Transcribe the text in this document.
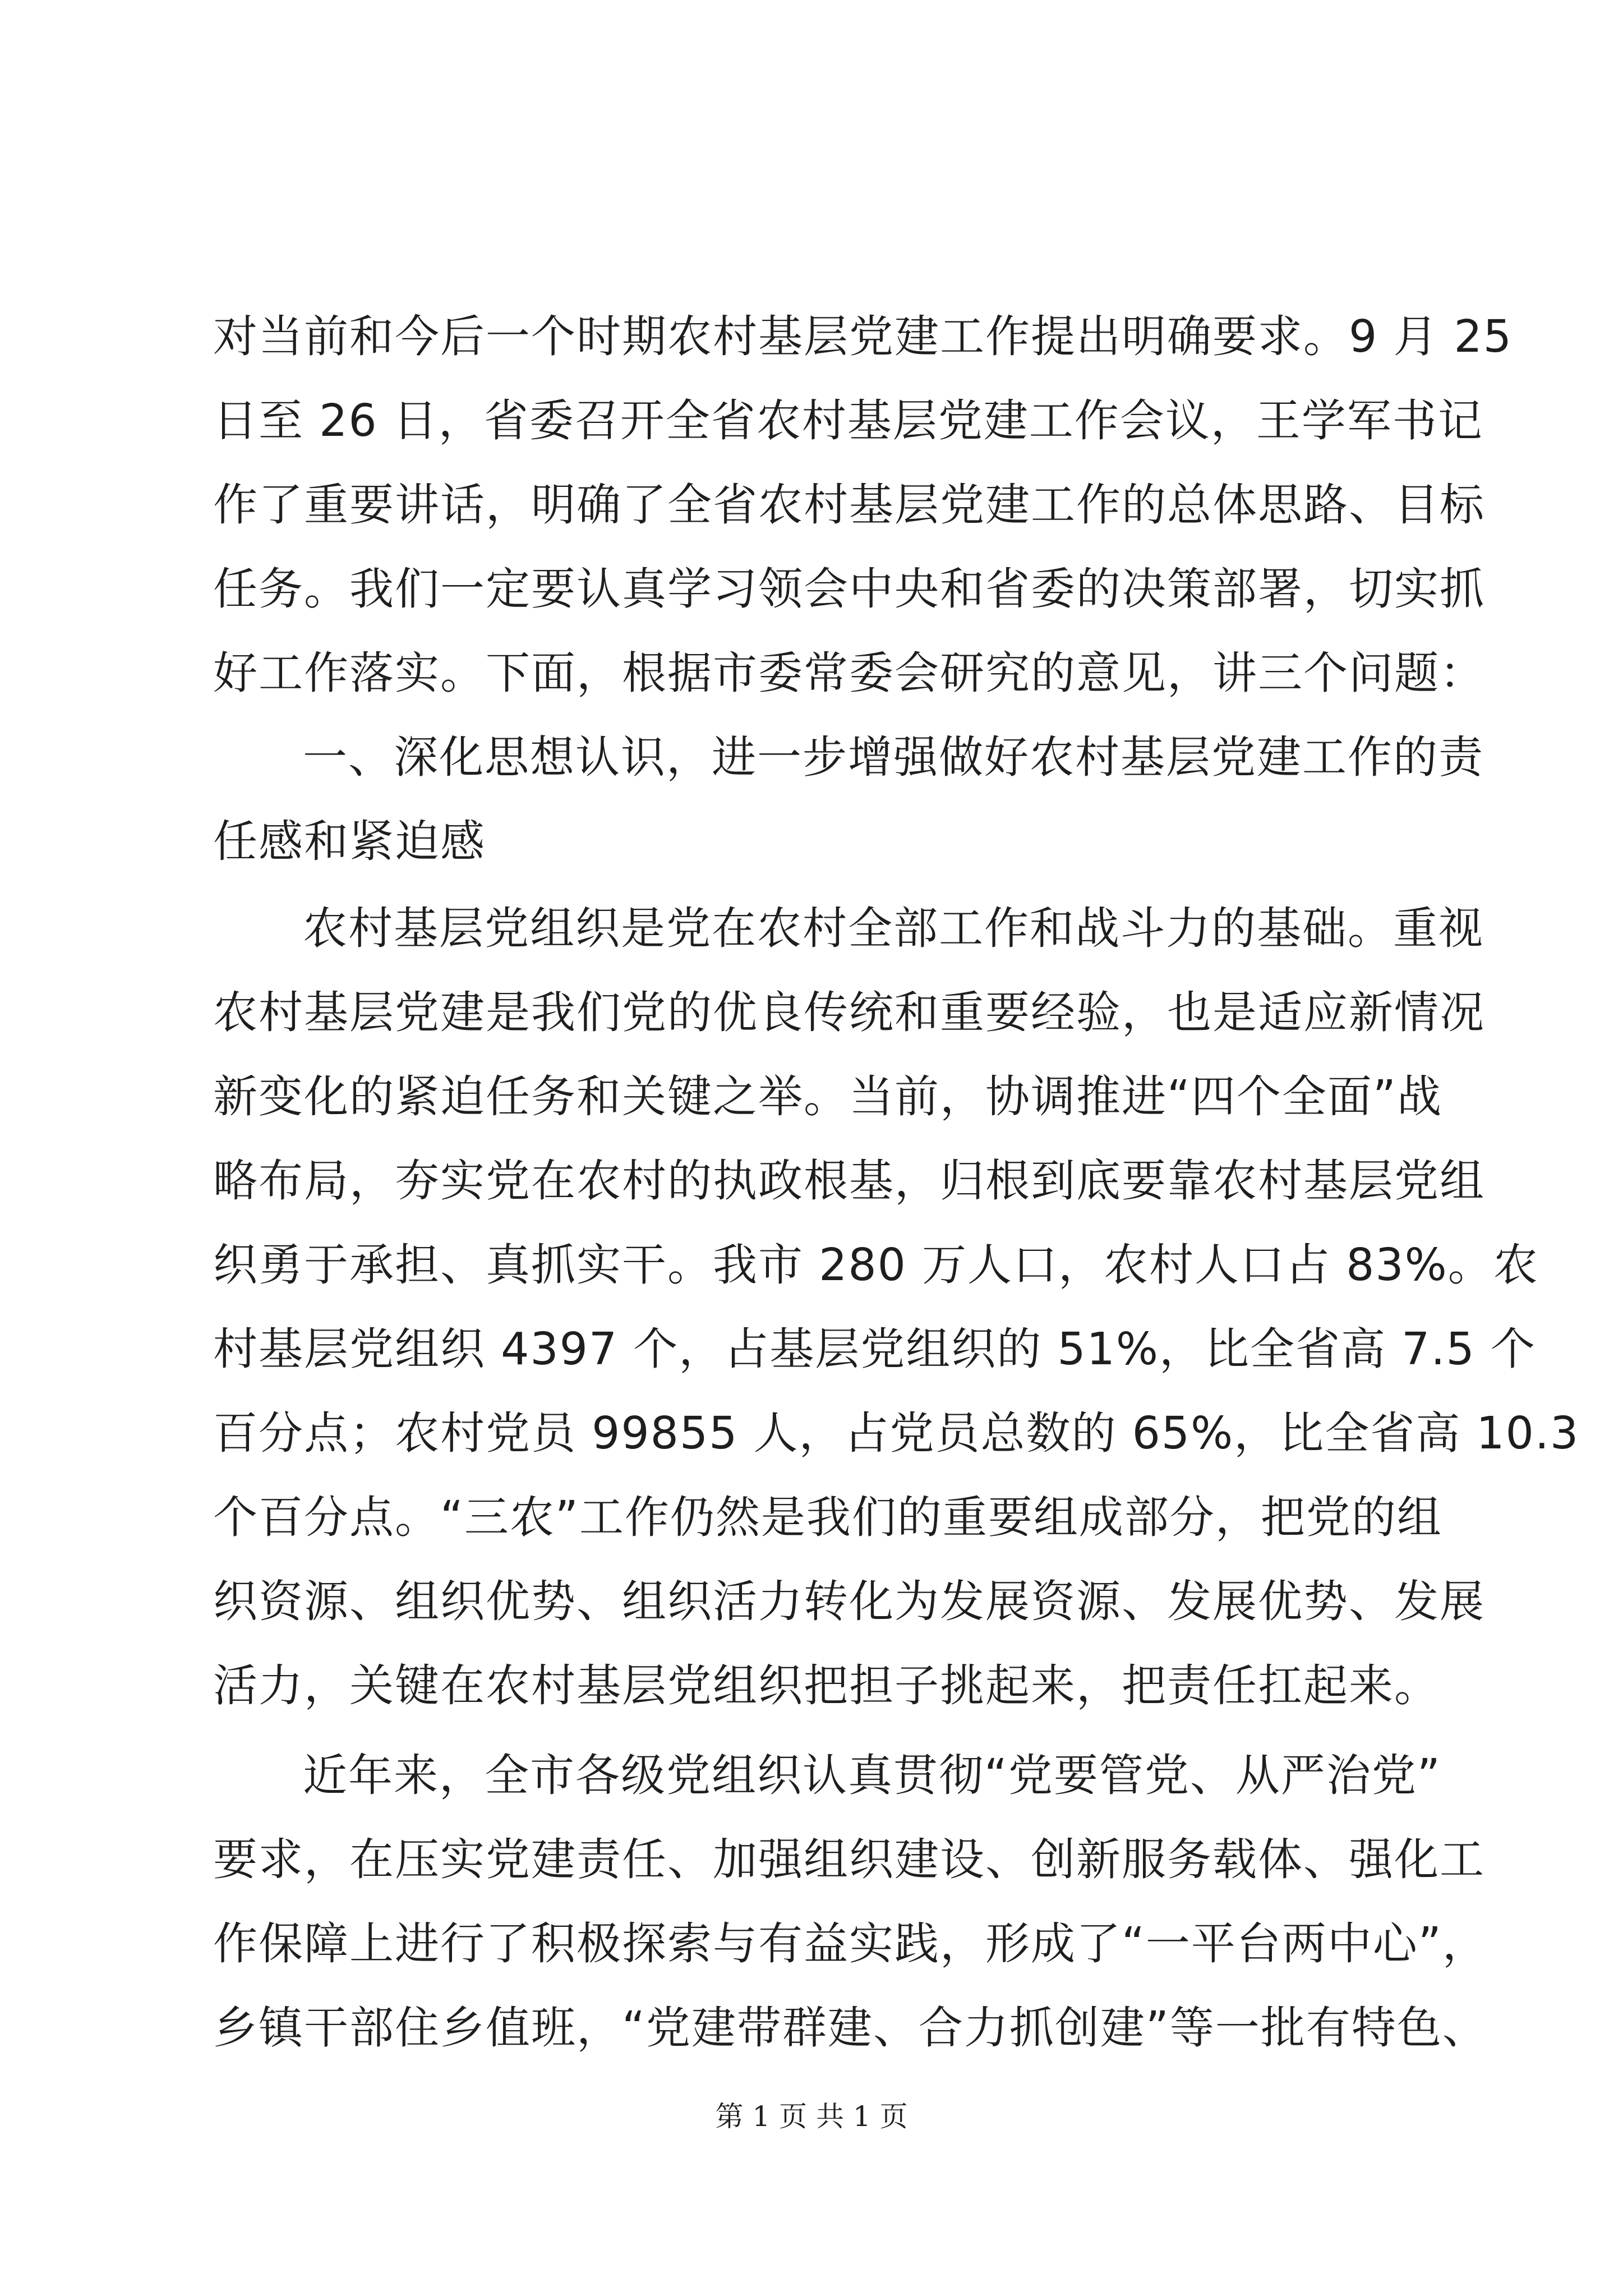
对当前和今后一个时期农村基层党建工作提出明确要求。9 月 25
日至 26 日，省委召开全省农村基层党建工作会议，王学军书记
作了重要讲话，明确了全省农村基层党建工作的总体思路、目标
任务。我们一定要认真学习领会中央和省委的决策部署，切实抓
好工作落实。下面，根据市委常委会研究的意见，讲三个问题：
一、深化思想认识，进一步增强做好农村基层党建工作的责
任感和紧迫感
农村基层党组织是党在农村全部工作和战斗力的基础。重视
农村基层党建是我们党的优良传统和重要经验，也是适应新情况
新变化的紧迫任务和关键之举。当前，协调推进“四个全面”战
略布局，夯实党在农村的执政根基，归根到底要靠农村基层党组
织勇于承担、真抓实干。我市 280 万人口，农村人口占 83%。农
村基层党组织 4397 个，占基层党组织的 51%，比全省高 7.5 个
百分点；农村党员 99855 人，占党员总数的 65%，比全省高 10.3
个百分点。“三农”工作仍然是我们的重要组成部分，把党的组
织资源、组织优势、组织活力转化为发展资源、发展优势、发展
活力，关键在农村基层党组织把担子挑起来，把责任扛起来。
近年来，全市各级党组织认真贯彻“党要管党、从严治党”
要求，在压实党建责任、加强组织建设、创新服务载体、强化工
作保障上进行了积极探索与有益实践，形成了“一平台两中心”，
乡镇干部住乡值班，“党建带群建、合力抓创建”等一批有特色、
第 1 页 共 1 页
